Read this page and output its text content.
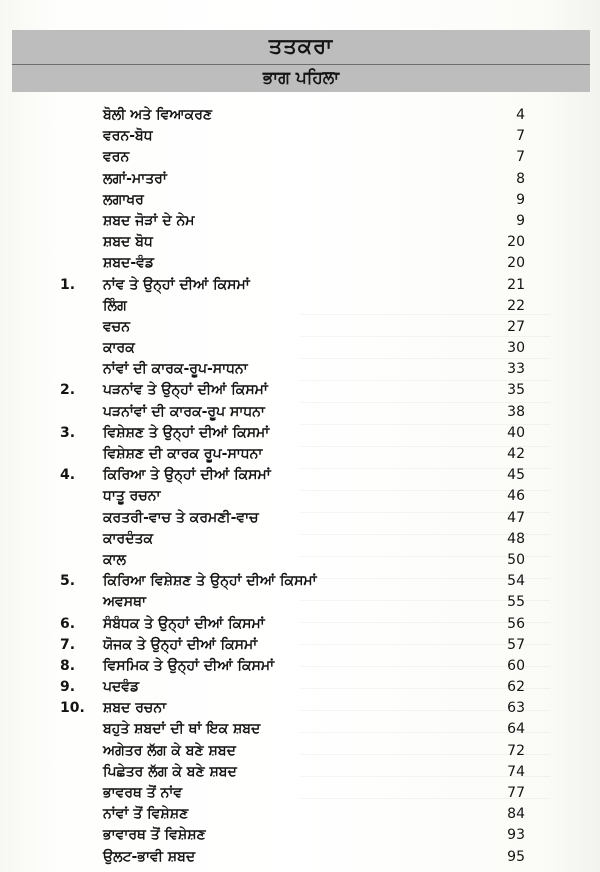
ਤਤਕਰਾ
ਭਾਗ ਪਹਿਲਾ
ਬੋਲੀ ਅਤੇ ਵਿਆਕਰਣ	4
ਵਰਨ-ਬੋਧ	7
ਵਰਨ	7
ਲਗਾਂ-ਮਾਤਰਾਂ	8
ਲਗਾਖਰ	9
ਸ਼ਬਦ ਜੋੜਾਂ ਦੇ ਨੇਮ	9
ਸ਼ਬਦ ਬੋਧ	20
ਸ਼ਬਦ-ਵੰਡ	20
1. ਨਾਂਵ ਤੇ ਉਨ੍ਹਾਂ ਦੀਆਂ ਕਿਸਮਾਂ	21
ਲਿੰਗ	22
ਵਚਨ	27
ਕਾਰਕ	30
ਨਾਂਵਾਂ ਦੀ ਕਾਰਕ-ਰੂਪ-ਸਾਧਨਾ	33
2. ਪੜਨਾਂਵ ਤੇ ਉਨ੍ਹਾਂ ਦੀਆਂ ਕਿਸਮਾਂ	35
ਪੜਨਾਂਵਾਂ ਦੀ ਕਾਰਕ-ਰੂਪ ਸਾਧਨਾ	38
3. ਵਿਸ਼ੇਸ਼ਣ ਤੇ ਉਨ੍ਹਾਂ ਦੀਆਂ ਕਿਸਮਾਂ	40
ਵਿਸ਼ੇਸ਼ਣ ਦੀ ਕਾਰਕ ਰੂਪ-ਸਾਧਨਾ	42
4. ਕਿਰਿਆ ਤੇ ਉਨ੍ਹਾਂ ਦੀਆਂ ਕਿਸਮਾਂ	45
ਧਾਤੂ ਰਚਨਾ	46
ਕਰਤਰੀ-ਵਾਚ ਤੇ ਕਰਮਣੀ-ਵਾਚ	47
ਕਾਰਦੰਤਕ	48
ਕਾਲ	50
5. ਕਿਰਿਆ ਵਿਸ਼ੇਸ਼ਣ ਤੇ ਉਨ੍ਹਾਂ ਦੀਆਂ ਕਿਸਮਾਂ	54
ਅਵਸਥਾ	55
6. ਸੰਬੰਧਕ ਤੇ ਉਨ੍ਹਾਂ ਦੀਆਂ ਕਿਸਮਾਂ	56
7. ਯੋਜਕ ਤੇ ਉਨ੍ਹਾਂ ਦੀਆਂ ਕਿਸਮਾਂ	57
8. ਵਿਸਮਿਕ ਤੇ ਉਨ੍ਹਾਂ ਦੀਆਂ ਕਿਸਮਾਂ	60
9. ਪਦਵੰਡ	62
10. ਸ਼ਬਦ ਰਚਨਾ	63
ਬਹੁਤੇ ਸ਼ਬਦਾਂ ਦੀ ਥਾਂ ਇਕ ਸ਼ਬਦ	64
ਅਗੇਤਰ ਲੱਗ ਕੇ ਬਣੇ ਸ਼ਬਦ	72
ਪਿਛੇਤਰ ਲੱਗ ਕੇ ਬਣੇ ਸ਼ਬਦ	74
ਭਾਵਰਥ ਤੋਂ ਨਾਂਵ	77
ਨਾਂਵਾਂ ਤੋਂ ਵਿਸ਼ੇਸ਼ਣ	84
ਭਾਵਾਰਥ ਤੋਂ ਵਿਸ਼ੇਸ਼ਣ	93
ਉਲਟ-ਭਾਵੀ ਸ਼ਬਦ	95
